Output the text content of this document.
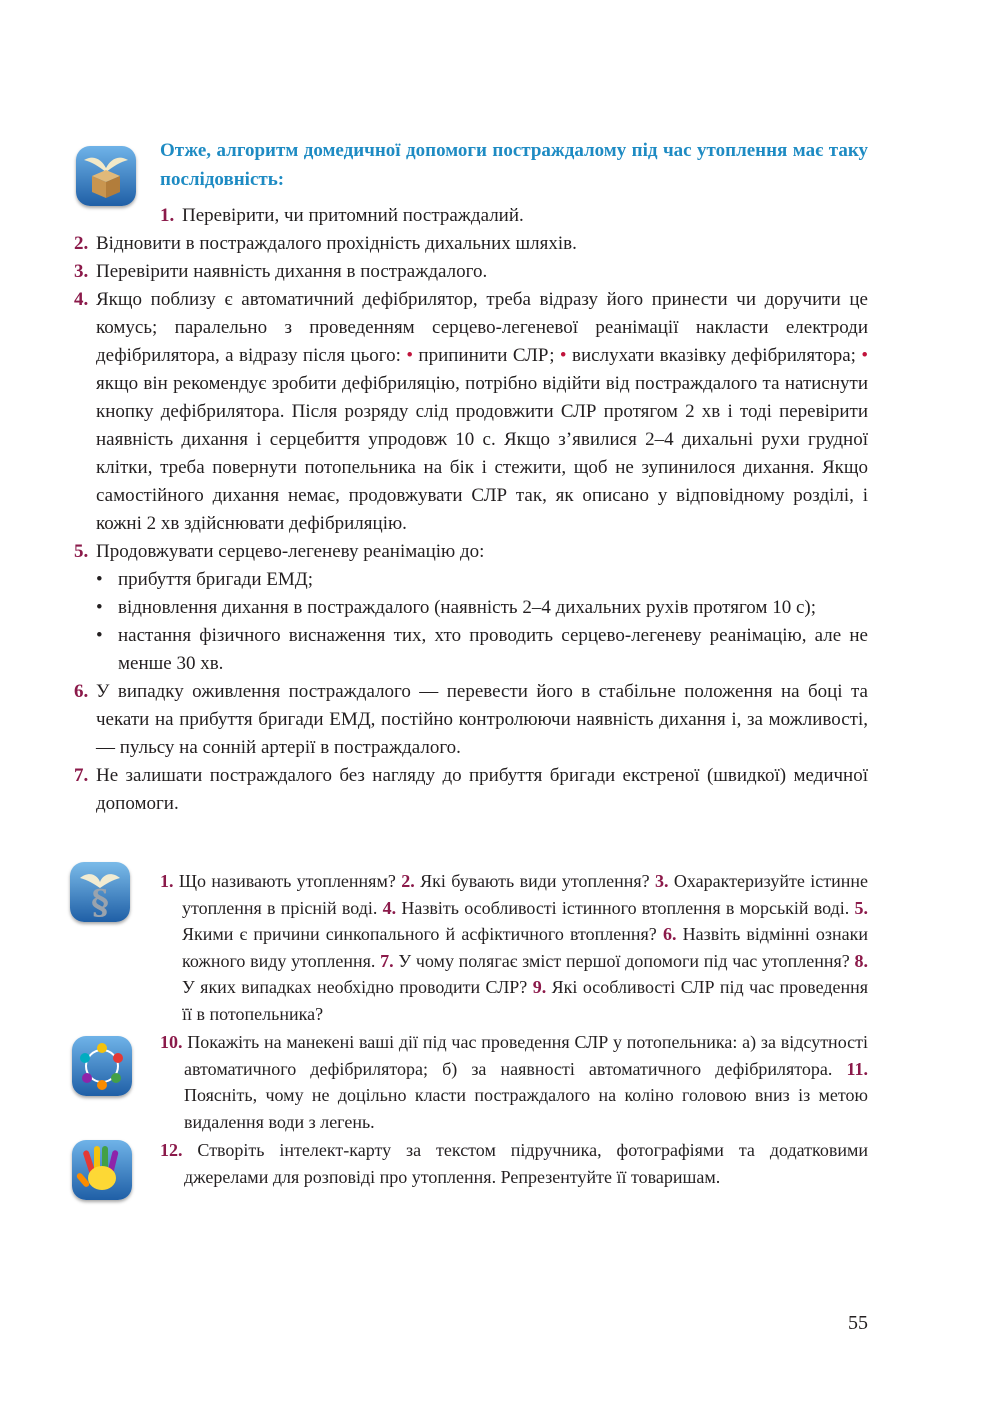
Отже, алгоритм домедичної допомоги постраждалому під час утоплення має таку послідовність:
1. Перевірити, чи притомний постраждалий.
2. Відновити в постраждалого прохідність дихальних шляхів.
3. Перевірити наявність дихання в постраждалого.
4. Якщо поблизу є автоматичний дефібрилятор, треба відразу його принести чи доручити це комусь; паралельно з проведенням серцево-легеневої реанімації накласти електроди дефібрилятора, а відразу після цього: • припинити СЛР; • вислухати вказівку дефібрилятора; • якщо він рекомендує зробити дефібриляцію, потрібно відійти від постраждалого та натиснути кнопку дефібрилятора. Після розряду слід продовжити СЛР протягом 2 хв і тоді перевірити наявність дихання і серцебиття упродовж 10 с. Якщо з’явилися 2–4 дихальні рухи грудної клітки, треба повернути потопельника на бік і стежити, щоб не зупинилося дихання. Якщо самостійного дихання немає, продовжувати СЛР так, як описано у відповідному розділі, і кожні 2 хв здійснювати дефібриляцію.
5. Продовжувати серцево-легеневу реанімацію до:
• прибуття бригади ЕМД;
• відновлення дихання в постраждалого (наявність 2–4 дихальних рухів протягом 10 с);
• настання фізичного виснаження тих, хто проводить серцево-легеневу реанімацію, але не менше 30 хв.
6. У випадку оживлення постраждалого — перевести його в стабільне положення на боці та чекати на прибуття бригади ЕМД, постійно контролюючи наявність дихання і, за можливості, — пульсу на сонній артерії в постраждалого.
7. Не залишати постраждалого без нагляду до прибуття бригади екстреної (швидкої) медичної допомоги.
§
1. Що називають утопленням? 2. Які бувають види утоплення? 3. Охарактеризуйте істинне утоплення в прісній воді. 4. Назвіть особливості істинного втоплення в морській воді. 5. Якими є причини синкопального й асфіктичного втоплення? 6. Назвіть відмінні ознаки кожного виду утоплення. 7. У чому полягає зміст першої допомоги під час утоплення? 8. У яких випадках необхідно проводити СЛР? 9. Які особливості СЛР під час проведення її в потопельника?
10. Покажіть на манекені ваші дії під час проведення СЛР у потопельника: а) за відсутності автоматичного дефібрилятора; б) за наявності автоматичного дефібрилятора. 11. Поясніть, чому не доцільно класти постраждалого на коліно головою вниз із метою видалення води з легень.
12. Створіть інтелект-карту за текстом підручника, фотографіями та додатковими джерелами для розповіді про утоплення. Репрезентуйте її товаришам.
55
